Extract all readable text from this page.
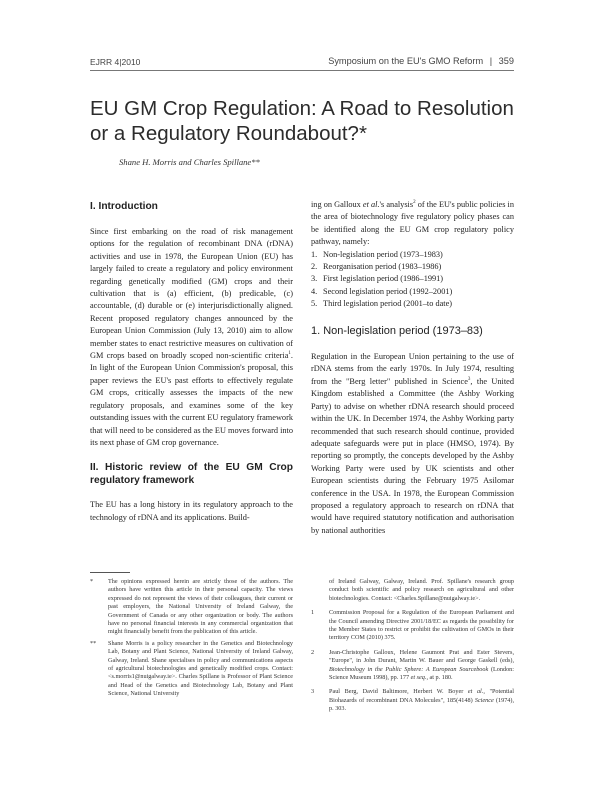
EJRR 4|2010	Symposium on the EU's GMO Reform | 359
EU GM Crop Regulation: A Road to Resolution or a Regulatory Roundabout?*
Shane H. Morris and Charles Spillane**
I. Introduction

Since first embarking on the road of risk management options for the regulation of recombinant DNA (rDNA) activities and use in 1978, the European Union (EU) has largely failed to create a regulatory and policy environment regarding genetically modified (GM) crops and their cultivation that is (a) efficient, (b) predicable, (c) accountable, (d) durable or (e) interjurisdictionally aligned. Recent proposed regulatory changes announced by the European Union Commission (July 13, 2010) aim to allow member states to enact restrictive measures on cultivation of GM crops based on broadly scoped non-scientific criteria$^1$. In light of the European Union Commission's proposal, this paper reviews the EU's past efforts to effectively regulate GM crops, critically assesses the impacts of the new regulatory proposals, and examines some of the key outstanding issues with the current EU regulatory framework that will need to be considered as the EU moves forward into its next phase of GM crop governance.

II. Historic review of the EU GM Crop regulatory framework

The EU has a long history in its regulatory approach to the technology of rDNA and its applications. Build-

ing on Galloux et al.'s analysis$^2$ of the EU's public policies in the area of biotechnology five regulatory policy phases can be identified along the EU GM crop regulatory policy pathway, namely:

1. Non-legislation period (1973–1983)
2. Reorganisation period (1983–1986)
3. First legislation period (1986–1991)
4. Second legislation period (1992–2001)
5. Third legislation period (2001–to date)
1. Non-legislation period (1973–83)

Regulation in the European Union pertaining to the use of rDNA stems from the early 1970s. In July 1974, resulting from the "Berg letter" published in Science$^3$, the United Kingdom established a Committee (the Ashby Working Party) to advise on whether rDNA research should proceed within the UK. In December 1974, the Ashby Working party recommended that such research should continue, provided adequate safeguards were put in place (HMSO, 1974). By reporting so promptly, the concepts developed by the Ashby Working Party were used by UK scientists and other European scientists during the February 1975 Asilomar conference in the USA. In 1978, the European Commission proposed a regulatory approach to research on rDNA that would have required statutory notification and authorisation by national authorities

*	The opinions expressed herein are strictly those of the authors. The authors have written this article in their personal capacity. The views expressed do not represent the views of their colleagues, their current or past employers, the National University of Ireland Galway, the Government of Canada or any other organization or body. The authors have no personal financial interests in any commercial organization that might financially benefit from the publication of this article.
**	Shane Morris is a policy researcher in the Genetics and Biotechnology Lab, Botany and Plant Science, National University of Ireland Galway, Galway, Ireland. Shane specialises in policy and communications aspects of agricultural biotechnologies and genetically modified crops. Contact: <s.morris1@nuigalway.ie>. Charles Spillane is Professor of Plant Science and Head of the Genetics and Biotechnology Lab, Botany and Plant Science, National University
of Ireland Galway, Galway, Ireland. Prof. Spillane's research group conduct both scientific and policy research on agricultural and other biotechnologies. Contact: <Charles.Spillane@nuigalway.ie>.
1	Commission Proposal for a Regulation of the European Parliament and the Council amending Directive 2001/18/EC as regards the possibility for the Member States to restrict or prohibit the cultivation of GMOs in their territory COM (2010) 375.
2	Jean-Christophe Galloux, Helene Gaumont Prat and Ester Stevers, "Europe", in John Durant, Martin W. Bauer and George Gaskell (eds), Biotechnology in the Public Sphere: A European Sourcebook (London: Science Museum 1998), pp. 177 et seq., at p. 180.
3	Paul Berg, David Baltimore, Herbert W. Boyer et al., "Potential Biohazards of recombinant DNA Molecules", 185(4148) Science (1974), p. 303.
